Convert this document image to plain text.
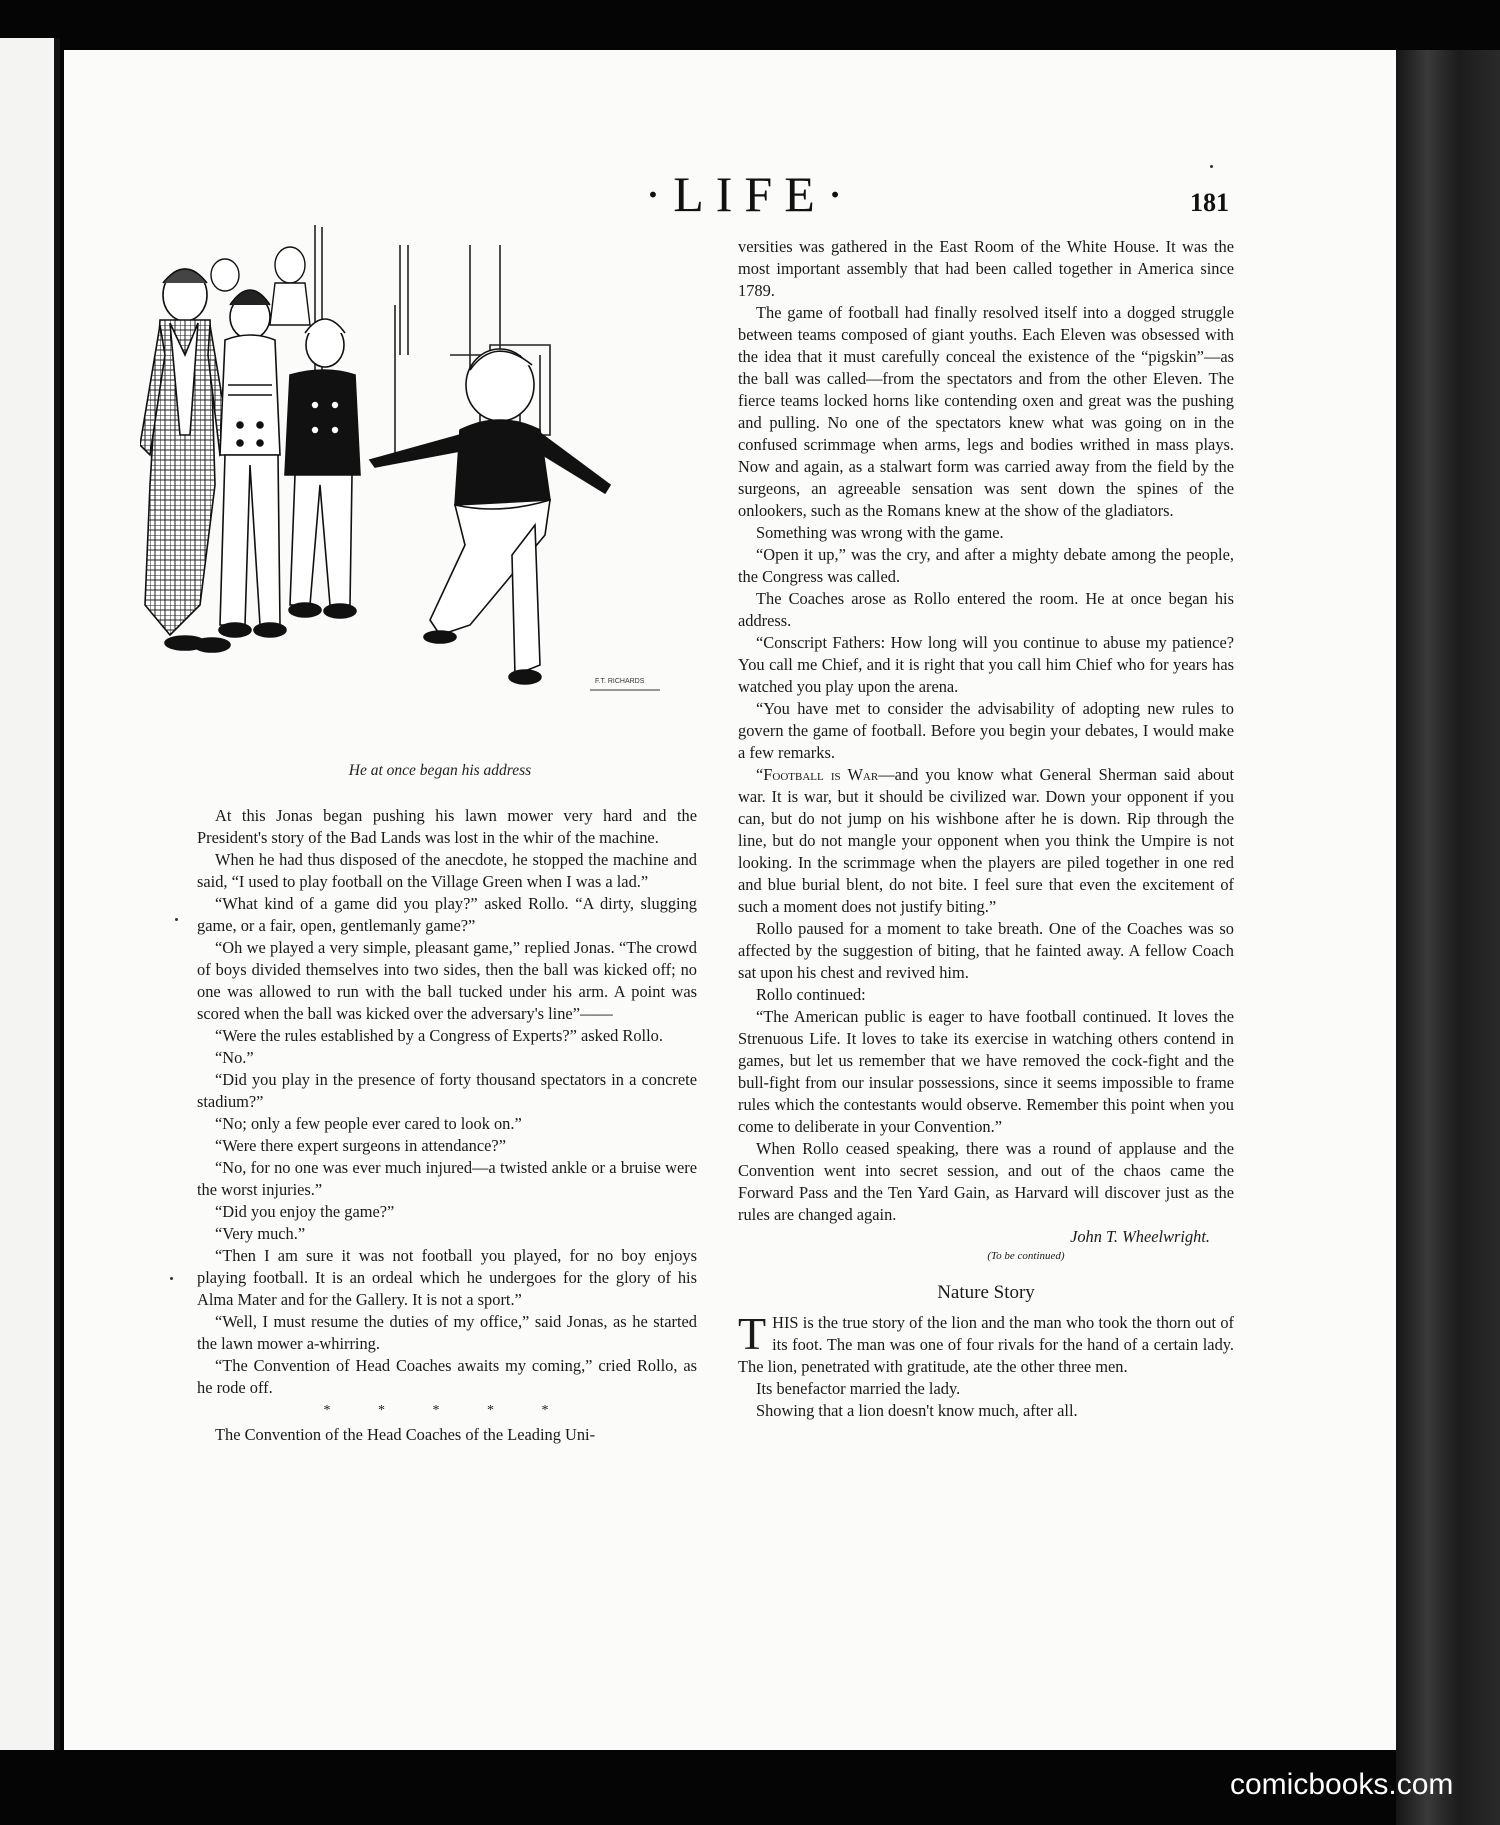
·LIFE·	181
F.T. RICHARDS
He at once began his address

At this Jonas began pushing his lawn mower very hard and the President's story of the Bad Lands was lost in the whir of the machine.

When he had thus disposed of the anecdote, he stopped the machine and said, “I used to play football on the Village Green when I was a lad.”

“What kind of a game did you play?” asked Rollo. “A dirty, slugging game, or a fair, open, gentlemanly game?”

“Oh we played a very simple, pleasant game,” replied Jonas. “The crowd of boys divided themselves into two sides, then the ball was kicked off; no one was allowed to run with the ball tucked under his arm. A point was scored when the ball was kicked over the adversary's line”——

“Were the rules established by a Congress of Experts?” asked Rollo.

“No.”

“Did you play in the presence of forty thousand spectators in a concrete stadium?”

“No; only a few people ever cared to look on.”

“Were there expert surgeons in attendance?”

“No, for no one was ever much injured—a twisted ankle or a bruise were the worst injuries.”

“Did you enjoy the game?”

“Very much.”

“Then I am sure it was not football you played, for no boy enjoys playing football. It is an ordeal which he undergoes for the glory of his Alma Mater and for the Gallery. It is not a sport.”

“Well, I must resume the duties of my office,” said Jonas, as he started the lawn mower a-whirring.

“The Convention of Head Coaches awaits my coming,” cried Rollo, as he rode off.

* * * * *

The Convention of the Head Coaches of the Leading Uni-

versities was gathered in the East Room of the White House. It was the most important assembly that had been called together in America since 1789.

The game of football had finally resolved itself into a dogged struggle between teams composed of giant youths. Each Eleven was obsessed with the idea that it must carefully conceal the existence of the “pigskin”—as the ball was called—from the spectators and from the other Eleven. The fierce teams locked horns like contending oxen and great was the pushing and pulling. No one of the spectators knew what was going on in the confused scrimmage when arms, legs and bodies writhed in mass plays. Now and again, as a stalwart form was carried away from the field by the surgeons, an agreeable sensation was sent down the spines of the onlookers, such as the Romans knew at the show of the gladiators.

Something was wrong with the game.

“Open it up,” was the cry, and after a mighty debate among the people, the Congress was called.

The Coaches arose as Rollo entered the room. He at once began his address.

“Conscript Fathers: How long will you continue to abuse my patience? You call me Chief, and it is right that you call him Chief who for years has watched you play upon the arena.

“You have met to consider the advisability of adopting new rules to govern the game of football. Before you begin your debates, I would make a few remarks.

“Football is War—and you know what General Sherman said about war. It is war, but it should be civilized war. Down your opponent if you can, but do not jump on his wishbone after he is down. Rip through the line, but do not mangle your opponent when you think the Umpire is not looking. In the scrimmage when the players are piled together in one red and blue burial blent, do not bite. I feel sure that even the excitement of such a moment does not justify biting.”

Rollo paused for a moment to take breath. One of the Coaches was so affected by the suggestion of biting, that he fainted away. A fellow Coach sat upon his chest and revived him.

Rollo continued:

“The American public is eager to have football continued. It loves the Strenuous Life. It loves to take its exercise in watching others contend in games, but let us remember that we have removed the cock-fight and the bull-fight from our insular possessions, since it seems impossible to frame rules which the contestants would observe. Remember this point when you come to deliberate in your Convention.”

When Rollo ceased speaking, there was a round of applause and the Convention went into secret session, and out of the chaos came the Forward Pass and the Ten Yard Gain, as Harvard will discover just as the rules are changed again.

John T. Wheelwright.
(To be continued)
Nature Story

THIS is the true story of the lion and the man who took the thorn out of its foot. The man was one of four rivals for the hand of a certain lady. The lion, penetrated with gratitude, ate the other three men.

Its benefactor married the lady.

Showing that a lion doesn't know much, after all.

comicbooks.com
